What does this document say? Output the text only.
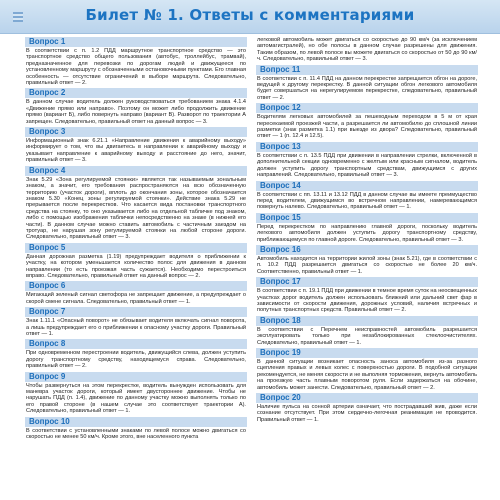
Билет № 1. Ответы с комментариями
Вопрос 1
В соответствии с п. 1.2 ПДД маршрутное транспортное средство — это транспортное средство общего пользования (автобус, троллейбус, трамвай), предназначенное для перевозки по дорогам людей и движущееся по установленному маршруту с обозначенными остановочными пунктами. Его главная особенность — отсутствие ограничений в выборе маршрута. Следовательно, правильный ответ — 2.
Вопрос 2
В данном случае водитель должен руководствоваться требованием знака 4.1.4 «Движение прямо или направо». Поэтому он может либо продолжить движение прямо (вариант Б), либо повернуть направо (вариант В). Разворот по траектории А запрещен. Следовательно, правильный ответ на данный вопрос — 3.
Вопрос 3
Информационный знак 6.21.1 «Направление движения к аварийному выходу» информирует о том, что вы двигаетесь в направлении к аварийному выходу и указывает направление к аварийному выходу и расстояние до него, значит, правильный ответ — 3.
Вопрос 4
Знак 5.29 «Зона регулируемой стоянки» является так называемым зональным знаком, а значит, его требования распространяются на всю обозначенную территорию (участок дороги), вплоть до окончания зоны, которое обозначается знаком 5.30 «Конец зоны регулируемой стоянки». Действие знака 5.29 не прерывается после перекрестков. Что касается вида постановки транспортного средства на стоянку, то оно указывается либо на отдельной табличке под знаком, либо с помощью изображения таблички непосредственно на знаке (в нижней его части). В данном случае можно ставить автомобиль с частичным заездом на тротуар, не нарушая зону регулируемой стоянки на любой стороне дороги. Следовательно, правильный ответ — 3.
Вопрос 5
Данная дорожная разметка (1.19) предупреждает водителя о приближении к участку, на котором уменьшается количество полос для движения в данном направлении (то есть проезжая часть сужается). Необходимо перестроиться вправо. Следовательно, правильный ответ на данный вопрос — 2.
Вопрос 6
Мигающий зеленый сигнал светофора не запрещает движение, а предупреждает о скорой смене сигнала. Следовательно, правильный ответ — 1.
Вопрос 7
Знак 1.11.1 «Опасный поворот» не обязывает водителя включать сигнал поворота, а лишь предупреждает его о приближении к опасному участку дороги. Правильный ответ — 1.
Вопрос 8
При одновременном перестроении водитель, движущийся слева, должен уступить дорогу транспортному средству, находящемуся справа. Следовательно, правильный ответ — 2.
Вопрос 9
Чтобы развернуться на этом перекрестке, водитель вынужден использовать для маневра участок дороги, который имеет двустороннее движение. Чтобы не нарушать ПДД (п. 1.4), движение по данному участку можно выполнять только по его правой стороне (в нашем случае это соответствует траектории А). Следовательно, правильный ответ — 1.
Вопрос 10
В соответствии с установленными знаками по левой полосе можно двигаться со скоростью не менее 50 км/ч. Кроме этого, вне населенного пункта
легковой автомобиль может двигаться со скоростью до 90 км/ч (за исключением автомагистралей), но обе полосы в данном случае разрешены для движения. Таким образом, по левой полосе вы можете двигаться со скоростью от 50 до 90 км/ч. Следовательно, правильный ответ — 3.
Вопрос 11
В соответствии с п. 11.4 ПДД на данном перекрестке запрещается обгон на дороге, ведущей к другому перекрестку. В данной ситуации обгон легкового автомобиля будет совершаться на нерегулируемом перекрестке, следовательно, правильный ответ — 2.
Вопрос 12
Водителям легковых автомобилей за пешеходным переходом в 5 м от края пересекаемой проезжей части, а разрешается ли автомобилю до сплошной линии разметки (знак разметка 1.1) при выезде из двора? Следовательно, правильный ответ — 1 (п. 12.4 и 12.5).
Вопрос 13
В соответствии с п. 13.5 ПДД при движении в направлении стрелки, включенной в дополнительной секции одновременно с желтым или красным сигналом, водитель должен уступить дорогу транспортным средствам, движущимся с других направлений. Следовательно, правильный ответ — 3.
Вопрос 14
В соответствии с пп. 13.11 и 13.12 ПДД в данном случае вы имеете преимущество перед водителем, движущимся во встречном направлении, намеревающимся повернуть налево. Следовательно, правильный ответ — 1.
Вопрос 15
Перед перекрестком по направлению главной дороги, поскольку водитель легкового автомобиля должен уступить дорогу транспортному средству, приближающемуся по главной дороге. Следовательно, правильный ответ — 3.
Вопрос 16
Автомобиль находится на территории жилой зоны (знак 5.21), где в соответствии с п. 10.2 ПДД разрешается двигаться со скоростью не более 20 км/ч. Соответственно, правильный ответ — 1.
Вопрос 17
В соответствии с п. 19.1 ПДД при движении в темное время суток на неосвещенных участках дорог водитель должен использовать ближний или дальний свет фар в зависимости от скорости движения, дорожных условий, наличия встречных и попутных транспортных средств. Правильный ответ — 2.
Вопрос 18
В соответствии с Перечнем неисправностей автомобиль разрешается эксплуатировать только при незаблокированных стеклоочистителях. Следовательно, правильный ответ — 1.
Вопрос 19
В данной ситуации возникает опасность заноса автомобиля из-за разного сцепления правых и левых колес с поверхностью дороги. В подобной ситуации рекомендуется, не меняя скорости и не выполняя торможения, вернуть автомобиль на проезжую часть плавным поворотом руля. Если задержаться на обочине, автомобиль может занести. Следовательно, правильный ответ — 2.
Вопрос 20
Наличие пульса на сонной артерии означает, что пострадавший жив, даже если сознание отсутствует. При этом сердечно-легочная реанимация не проводится. Правильный ответ — 1.
